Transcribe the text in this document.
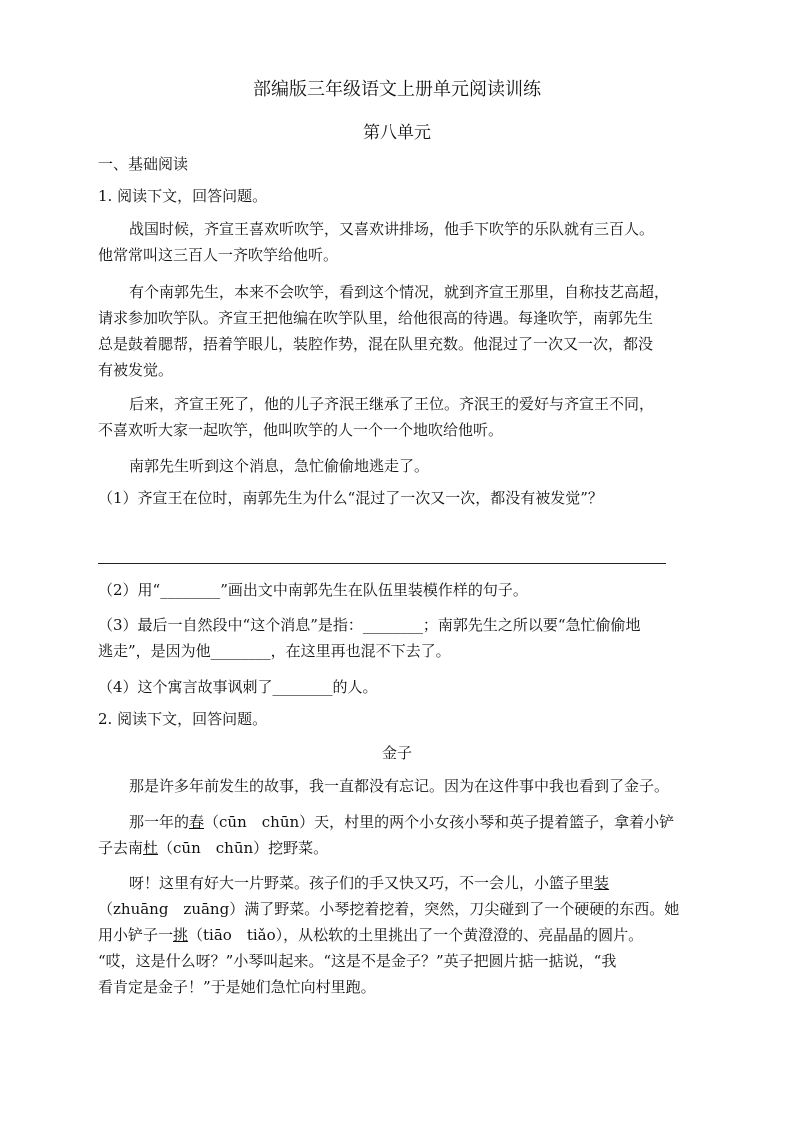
部编版三年级语文上册单元阅读训练
第八单元
一、基础阅读
1. 阅读下文，回答问题。
战国时候，齐宣王喜欢听吹竽，又喜欢讲排场，他手下吹竽的乐队就有三百人。
他常常叫这三百人一齐吹竽给他听。
有个南郭先生，本来不会吹竽，看到这个情况，就到齐宣王那里，自称技艺高超，
请求参加吹竽队。齐宣王把他编在吹竽队里，给他很高的待遇。每逢吹竽，南郭先生
总是鼓着腮帮，捂着竽眼儿，装腔作势，混在队里充数。他混过了一次又一次，都没
有被发觉。
后来，齐宣王死了，他的儿子齐泯王继承了王位。齐泯王的爱好与齐宣王不同，
不喜欢听大家一起吹竽，他叫吹竽的人一个一个地吹给他听。
南郭先生听到这个消息，急忙偷偷地逃走了。
（1）齐宣王在位时，南郭先生为什么“混过了一次又一次，都没有被发觉”？
（2）用“________”画出文中南郭先生在队伍里装模作样的句子。
（3）最后一自然段中“这个消息”是指：________；南郭先生之所以要“急忙偷偷地
逃走”，是因为他________，在这里再也混不下去了。
（4）这个寓言故事讽刺了________的人。
2. 阅读下文，回答问题。
金子
那是许多年前发生的故事，我一直都没有忘记。因为在这件事中我也看到了金子。
那一年的春（cūn　chūn）天，村里的两个小女孩小琴和英子提着篮子，拿着小铲
子去南杜（cūn　chūn）挖野菜。
呀！这里有好大一片野菜。孩子们的手又快又巧，不一会儿，小篮子里装
（zhuāng　zuāng）满了野菜。小琴挖着挖着，突然，刀尖碰到了一个硬硬的东西。她
用小铲子一挑（tiāo　tiǎo），从松软的土里挑出了一个黄澄澄的、亮晶晶的圆片。
“哎，这是什么呀？”小琴叫起来。“这是不是金子？”英子把圆片掂一掂说，“我
看肯定是金子！”于是她们急忙向村里跑。
